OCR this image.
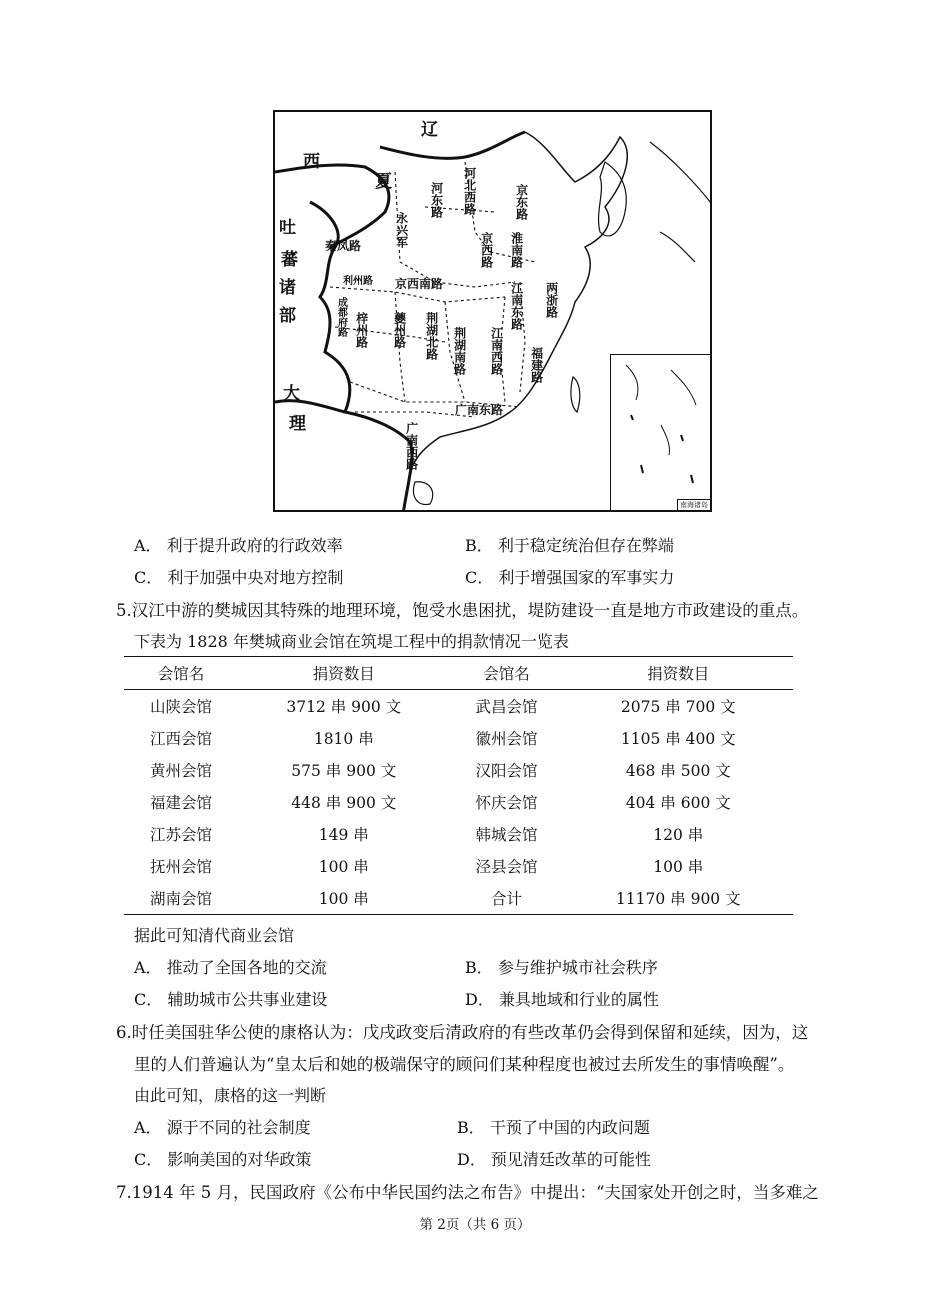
辽
西
夏
吐
蕃
诸
部
大
理
河东路 河北西路	京东路
永兴军
秦凤路	京西路 淮南路
利州路 京西南路
成都府路 梓州路 夔州路 荆湖北路
江南东路 两浙路
荆湖南路 江南西路 福建路
广南东路
广南西路
南海诸岛
A． 利于提升政府的行政效率	B． 利于稳定统治但存在弊端
C． 利于加强中央对地方控制	C． 利于增强国家的军事实力
5.汉江中游的樊城因其特殊的地理环境，饱受水患困扰，堤防建设一直是地方市政建设的重点。
下表为 1828 年樊城商业会馆在筑堤工程中的捐款情况一览表
会馆名	捐资数目	会馆名	捐资数目
山陕会馆	3712 串 900 文	武昌会馆	2075 串 700 文
江西会馆	1810 串	徽州会馆	1105 串 400 文
黄州会馆	575 串 900 文	汉阳会馆	468 串 500 文
福建会馆	448 串 900 文	怀庆会馆	404 串 600 文
江苏会馆	149 串	韩城会馆	120 串
抚州会馆	100 串	泾县会馆	100 串
湖南会馆	100 串	合计	11170 串 900 文
据此可知清代商业会馆
A． 推动了全国各地的交流	B． 参与维护城市社会秩序
C． 辅助城市公共事业建设	D． 兼具地域和行业的属性
6.时任美国驻华公使的康格认为：戊戌政变后清政府的有些改革仍会得到保留和延续，因为，这
里的人们普遍认为“皇太后和她的极端保守的顾问们某种程度也被过去所发生的事情唤醒”。
由此可知，康格的这一判断
A． 源于不同的社会制度	B． 干预了中国的内政问题
C． 影响美国的对华政策	D． 预见清廷改革的可能性
7.1914 年 5 月，民国政府《公布中华民国约法之布告》中提出：“夫国家处开创之时，当多难之
第 2页（共 6 页）
